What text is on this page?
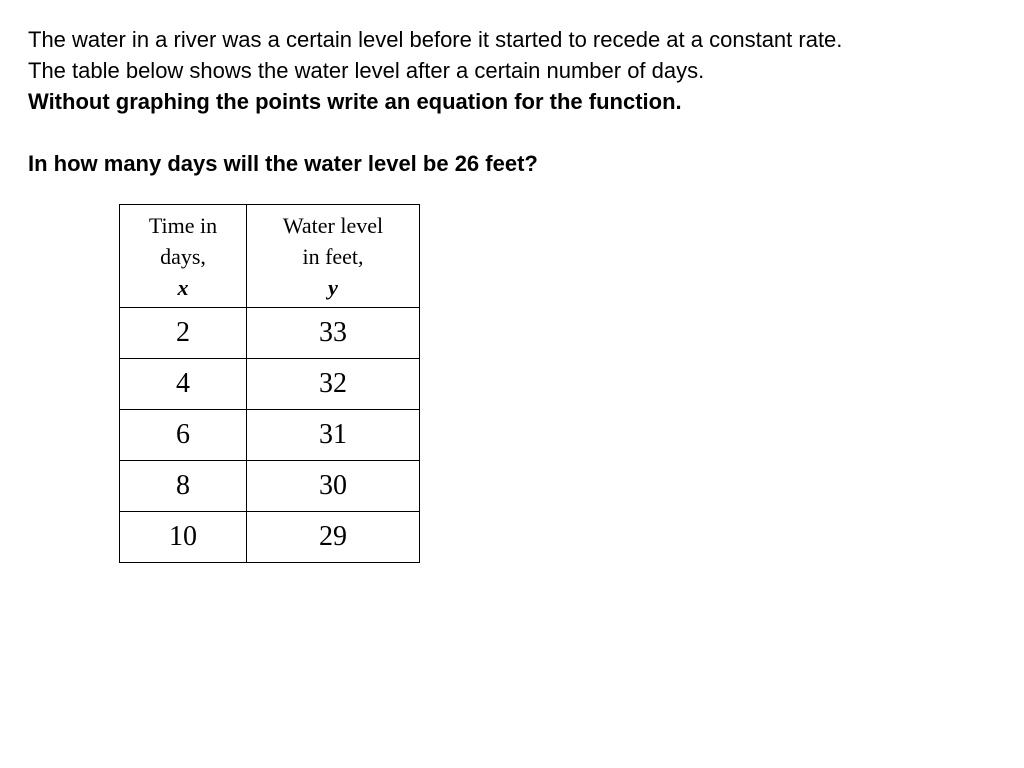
The water in a river was a certain level before it started to recede at a constant rate.

The table below shows the water level after a certain number of days.

Without graphing the points write an equation for the function.

In how many days will the water level be 26 feet?

Time in
days,
x	Water level
in feet,
y
2	33
4	32
6	31
8	30
10	29
